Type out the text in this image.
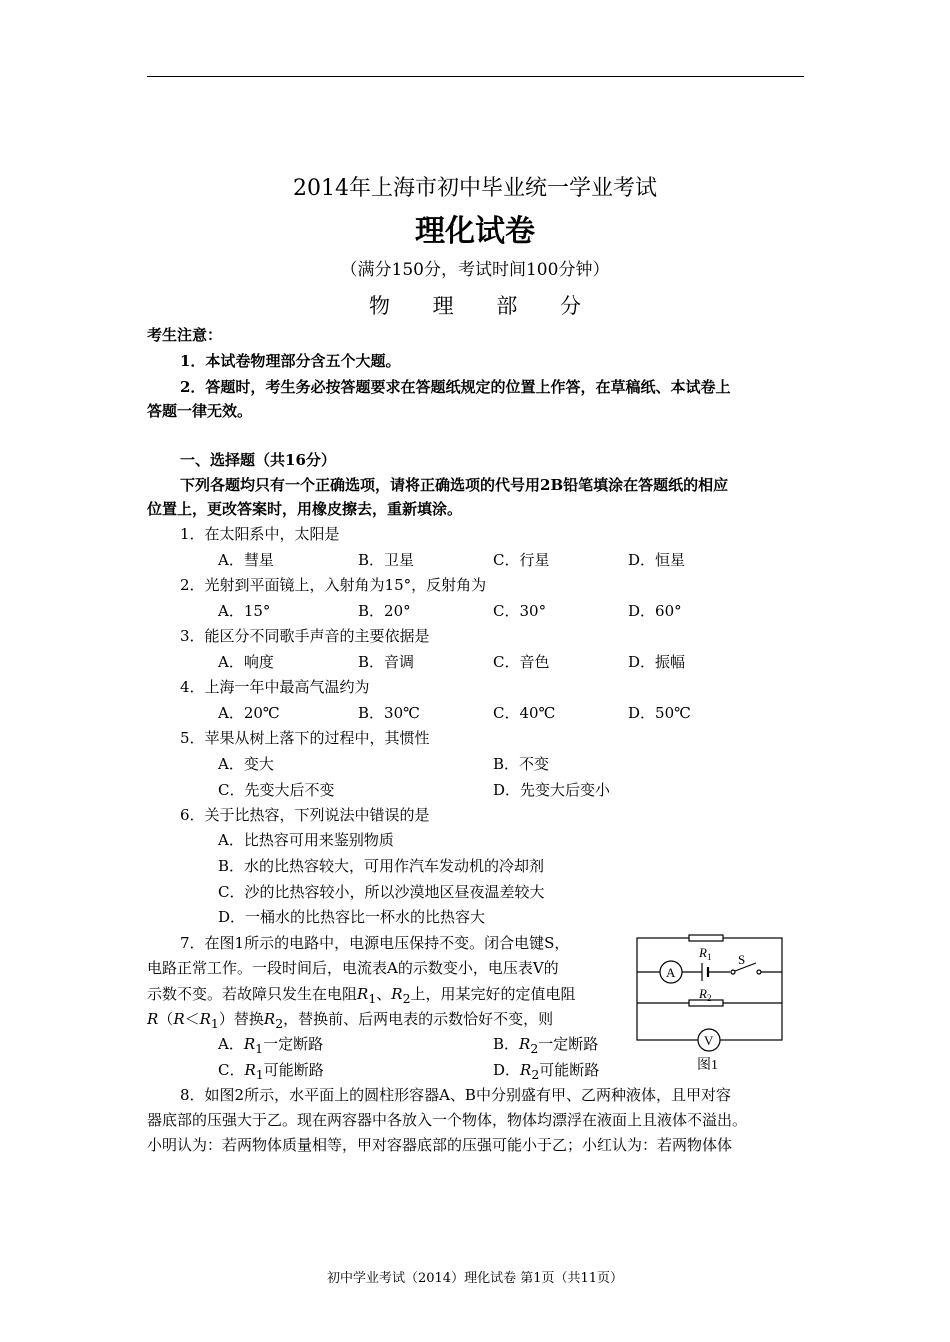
2014年上海市初中毕业统一学业考试
理化试卷
（满分150分，考试时间100分钟）
物 理 部 分
考生注意：
1．本试卷物理部分含五个大题。
2．答题时，考生务必按答题要求在答题纸规定的位置上作答，在草稿纸、本试卷上
答题一律无效。
一、选择题（共16分）
下列各题均只有一个正确选项，请将正确选项的代号用2B铅笔填涂在答题纸的相应
位置上，更改答案时，用橡皮擦去，重新填涂。
1．在太阳系中，太阳是
A．彗星	B．卫星	C．行星	D．恒星
2．光射到平面镜上，入射角为15°，反射角为
A．15°	B．20°	C．30°	D．60°
3．能区分不同歌手声音的主要依据是
A．响度	B．音调	C．音色	D．振幅
4．上海一年中最高气温约为
A．20℃	B．30℃	C．40℃	D．50℃
5．苹果从树上落下的过程中，其惯性
A．变大	B．不变
C．先变大后不变	D．先变大后变小
6．关于比热容，下列说法中错误的是
A．比热容可用来鉴别物质
B．水的比热容较大，可用作汽车发动机的冷却剂
C．沙的比热容较小，所以沙漠地区昼夜温差较大
D．一桶水的比热容比一杯水的比热容大
7．在图1所示的电路中，电源电压保持不变。闭合电键S，
电路正常工作。一段时间后，电流表A的示数变小，电压表V的
示数不变。若故障只发生在电阻$R_1$、$R_2$上，用某完好的定值电阻
$R(R<R_1)$替换$R_2$，替换前、后两电表的示数恰好不变，则
A．$R_1$一定断路	B．$R_2$一定断路
C．$R_1$可能断路	D．$R_2$可能断路
$R_1$
$R_2$
S
A
V
图1
8．如图2所示，水平面上的圆柱形容器A、B中分别盛有甲、乙两种液体，且甲对容
器底部的压强大于乙。现在两容器中各放入一个物体，物体均漂浮在液面上且液体不溢出。
小明认为：若两物体质量相等，甲对容器底部的压强可能小于乙；小红认为：若两物体体
初中学业考试（2014）理化试卷 第1页（共11页）
